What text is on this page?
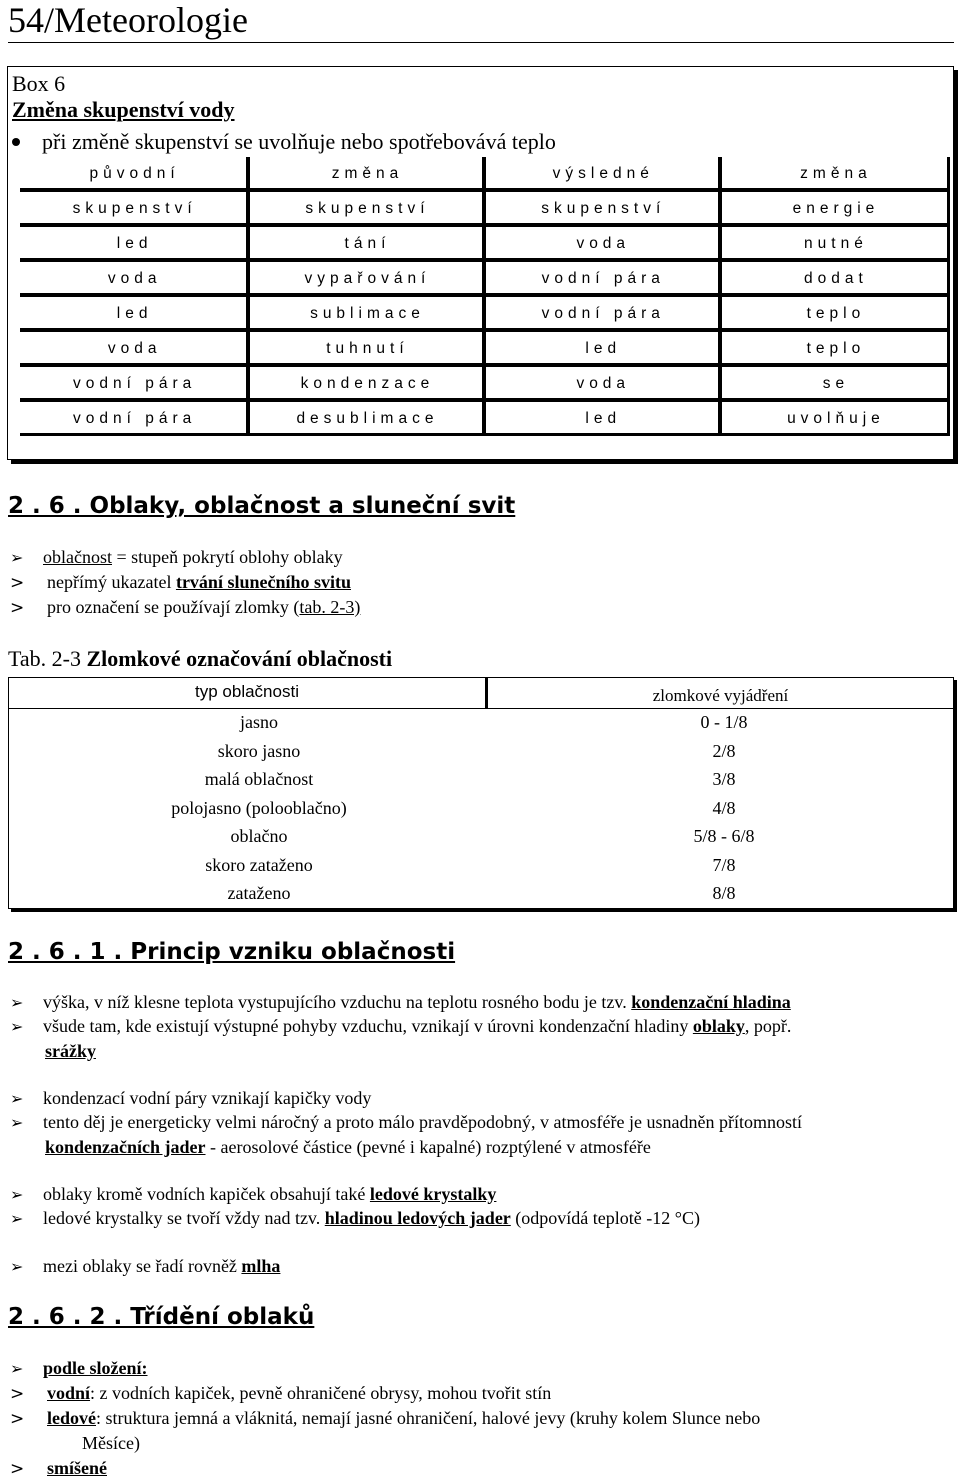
54/Meteorologie
Box 6
Změna skupenství vody
při změně skupenství se uvolňuje nebo spotřebovává teplo
původní	změna	výsledné	změna
skupenství	skupenství	skupenství	energie
led	tání	voda	nutné
voda	vypařování	vodní pára	dodat
led	sublimace	vodní pára	teplo
voda	tuhnutí	led	teplo
vodní pára	kondenzace	voda	se
vodní pára	desublimace	led	uvolňuje
2 . 6 . Oblaky, oblačnost a sluneční svit
➢ oblačnost = stupeň pokrytí oblohy oblaky
> nepřímý ukazatel trvání slunečního svitu
> pro označení se používají zlomky (tab. 2-3)
Tab. 2-3 Zlomkové označování oblačnosti
typ oblačnosti	zlomkové vyjádření
jasno	0 - 1/8
skoro jasno	2/8
malá oblačnost	3/8
polojasno (polooblačno)	4/8
oblačno	5/8 - 6/8
skoro zataženo	7/8
zataženo	8/8
2 . 6 . 1 . Princip vzniku oblačnosti
➢ výška, v níž klesne teplota vystupujícího vzduchu na teplotu rosného bodu je tzv. kondenzační hladina
➢ všude tam, kde existují výstupné pohyby vzduchu, vznikají v úrovni kondenzační hladiny oblaky, popř.
srážky
➢ kondenzací vodní páry vznikají kapičky vody
➢ tento děj je energeticky velmi náročný a proto málo pravděpodobný, v atmosféře je usnadněn přítomností
kondenzačních jader - aerosolové částice (pevné i kapalné) rozptýlené v atmosféře
➢ oblaky kromě vodních kapiček obsahují také ledové krystalky
➢ ledové krystalky se tvoří vždy nad tzv. hladinou ledových jader (odpovídá teplotě -12 °C)
➢ mezi oblaky se řadí rovněž mlha
2 . 6 . 2 . Třídění oblaků
➢ podle složení:
> vodní: z vodních kapiček, pevně ohraničené obrysy, mohou tvořit stín
> ledové: struktura jemná a vláknitá, nemají jasné ohraničení, halové jevy (kruhy kolem Slunce nebo
Měsíce)
> smíšené
